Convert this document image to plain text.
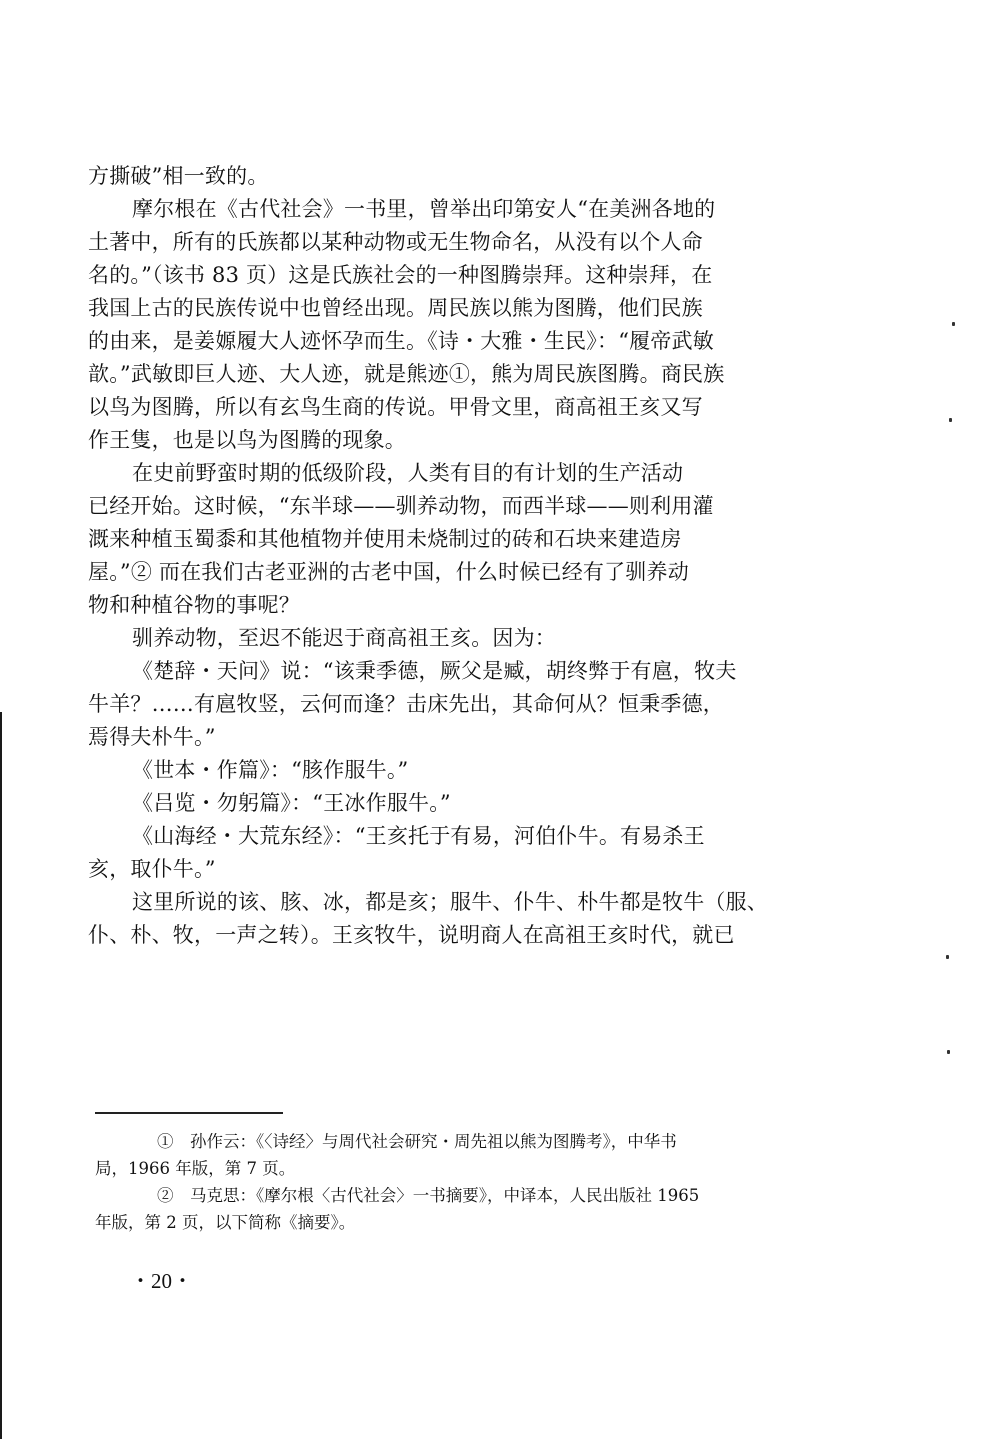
方撕破”相一致的。
摩尔根在《古代社会》一书里，曾举出印第安人“在美洲各地的
土著中，所有的氏族都以某种动物或无生物命名，从没有以个人命
名的。”（该书 83 页）这是氏族社会的一种图腾崇拜。这种崇拜，在
我国上古的民族传说中也曾经出现。周民族以熊为图腾，他们民族
的由来，是姜嫄履大人迹怀孕而生。《诗・大雅・生民》：“履帝武敏
歆。”武敏即巨人迹、大人迹，就是熊迹①，熊为周民族图腾。商民族
以鸟为图腾，所以有玄鸟生商的传说。甲骨文里，商高祖王亥又写
作王隻，也是以鸟为图腾的现象。
在史前野蛮时期的低级阶段，人类有目的有计划的生产活动
已经开始。这时候，“东半球——驯养动物，而西半球——则利用灌
溉来种植玉蜀黍和其他植物并使用未烧制过的砖和石块来建造房
屋。”② 而在我们古老亚洲的古老中国，什么时候已经有了驯养动
物和种植谷物的事呢？
驯养动物，至迟不能迟于商高祖王亥。因为：
《楚辞・天问》说：“该秉季德，厥父是臧，胡终弊于有扈，牧夫
牛羊？……有扈牧竖，云何而逢？击床先出，其命何从？恒秉季德，
焉得夫朴牛。”
《世本・作篇》：“胲作服牛。”
《吕览・勿躬篇》：“王冰作服牛。”
《山海经・大荒东经》：“王亥托于有易，河伯仆牛。有易杀王
亥，取仆牛。”
这里所说的该、胲、冰，都是亥；服牛、仆牛、朴牛都是牧牛（服、
仆、朴、牧，一声之转）。王亥牧牛，说明商人在高祖王亥时代，就已
①　孙作云：《〈诗经〉与周代社会研究・周先祖以熊为图腾考》，中华书
局，1966 年版，第 7 页。
②　马克思：《摩尔根〈古代社会〉一书摘要》，中译本，人民出版社 1965
年版，第 2 页，以下简称《摘要》。
・20・
